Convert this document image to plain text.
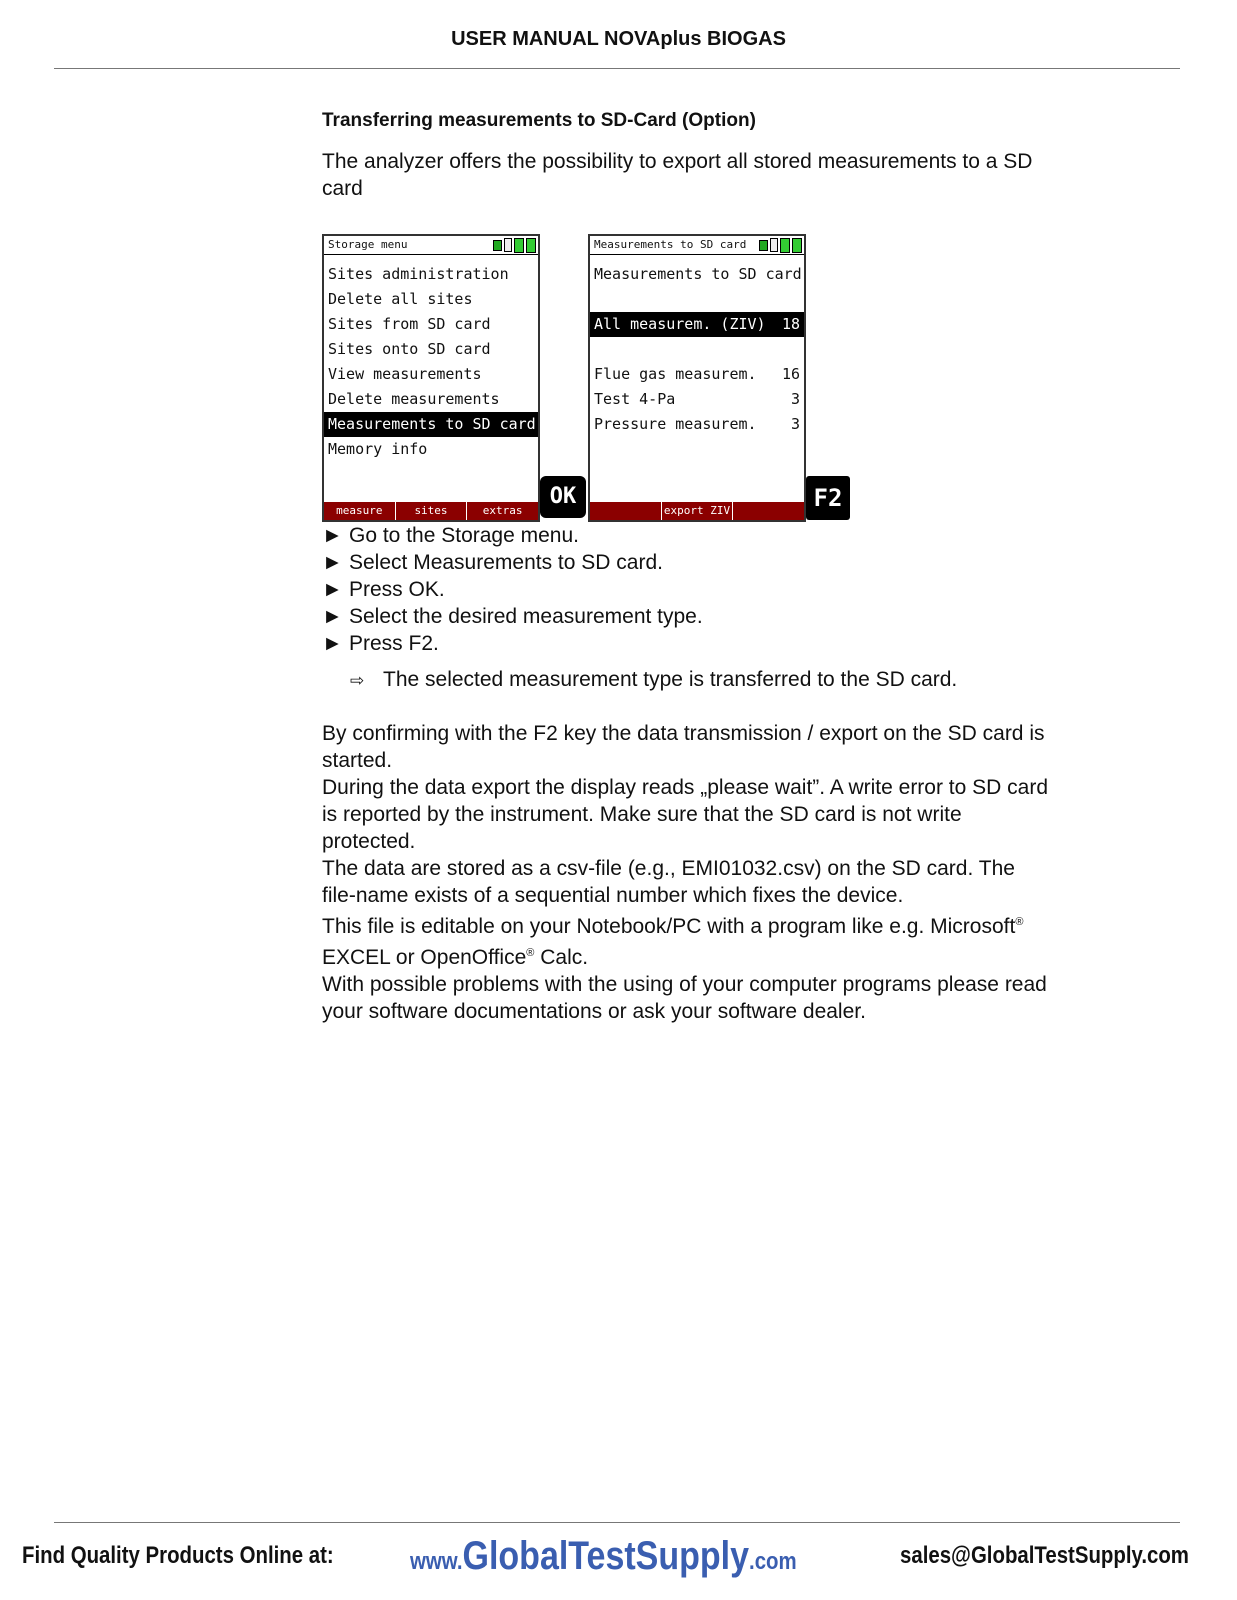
USER MANUAL NOVAplus BIOGAS
Transferring measurements to SD-Card (Option)
The analyzer offers the possibility to export all stored measurements to a SD card
Storage menu
Sites administration
Delete all sites
Sites from SD card
Sites onto SD card
View measurements
Delete measurements
Measurements to SD card
Memory info
measure	sites	extras
OK
Measurements to SD card
Measurements to SD card
All measurem. (ZIV) 18
Flue gas measurem. 16
Test 4-Pa	3
Pressure measurem. 3
export ZIV	F2
► Go to the Storage menu.
► Select Measurements to SD card.
► Press OK.
► Select the desired measurement type.
► Press F2.
⇨ The selected measurement type is transferred to the SD card.

By confirming with the F2 key the data transmission / export on the SD card is started.

During the data export the display reads „please wait”. A write error to SD card is reported by the instrument. Make sure that the SD card is not write protected.

The data are stored as a csv-file (e.g., EMI01032.csv) on the SD card. The file-name exists of a sequential number which fixes the device.

This file is editable on your Notebook/PC with a program like e.g. Microsoft® EXCEL or OpenOffice® Calc.

With possible problems with the using of your computer programs please read your software documentations or ask your software dealer.

Find Quality Products Online at:	www.GlobalTestSupply.com	sales@GlobalTestSupply.com
